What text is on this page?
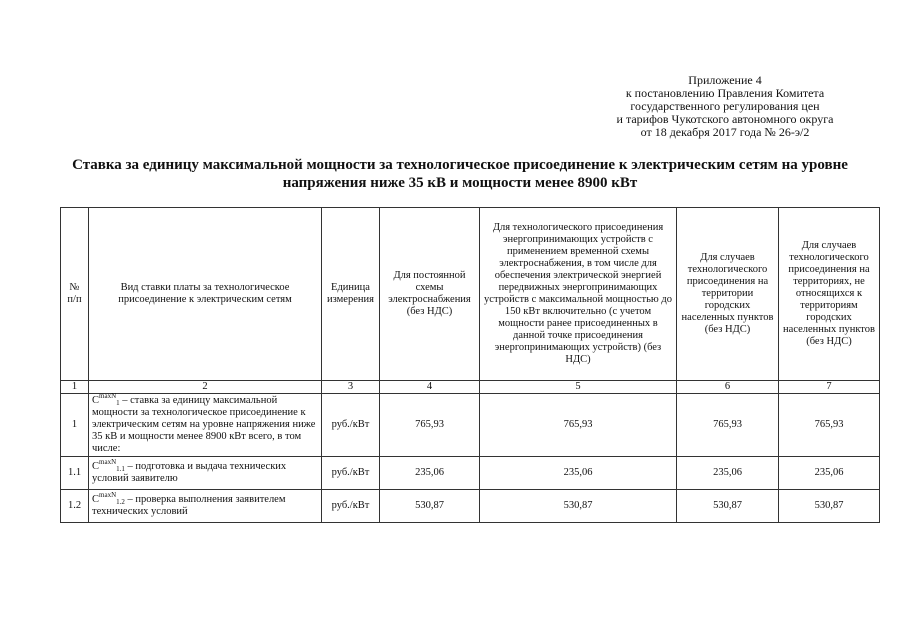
Приложение 4
к постановлению Правления Комитета
государственного регулирования цен
и тарифов Чукотского автономного округа
от 18 декабря 2017 года № 26-э/2
Ставка за единицу максимальной мощности за технологическое присоединение к электрическим сетям на уровне
напряжения ниже 35 кВ и мощности менее 8900 кВт
№ п/п	Вид ставки платы за технологическое присоединение к электрическим сетям	Единица измерения	Для постоянной схемы электроснабжения (без НДС)	Для технологического присоединения энергопринимающих устройств с применением временной схемы электроснабжения, в том числе для обеспечения электрической энергией передвижных энергопринимающих устройств с максимальной мощностью до 150 кВт включительно (с учетом мощности ранее присоединенных в данной точке присоединения энергопринимающих устройств) (без НДС)	Для случаев технологического присоединения на территории городских населенных пунктов (без НДС)	Для случаев технологического присоединения на территориях, не относящихся к территориям городских населенных пунктов (без НДС)
1	2	3	4	5	6	7
1	$C^{maxN}1$ – ставка за единицу максимальной мощности за технологическое присоединение к электрическим сетям на уровне напряжения ниже 35 кВ и мощности менее 8900 кВт всего, в том числе:	руб./кВт	765,93	765,93	765,93	765,93
1.1	$C^{maxN}1.1$ – подготовка и выдача технических условий заявителю	руб./кВт	235,06	235,06	235,06	235,06
1.2	$C^{maxN}1.2$ – проверка выполнения заявителем технических условий	руб./кВт	530,87	530,87	530,87	530,87
